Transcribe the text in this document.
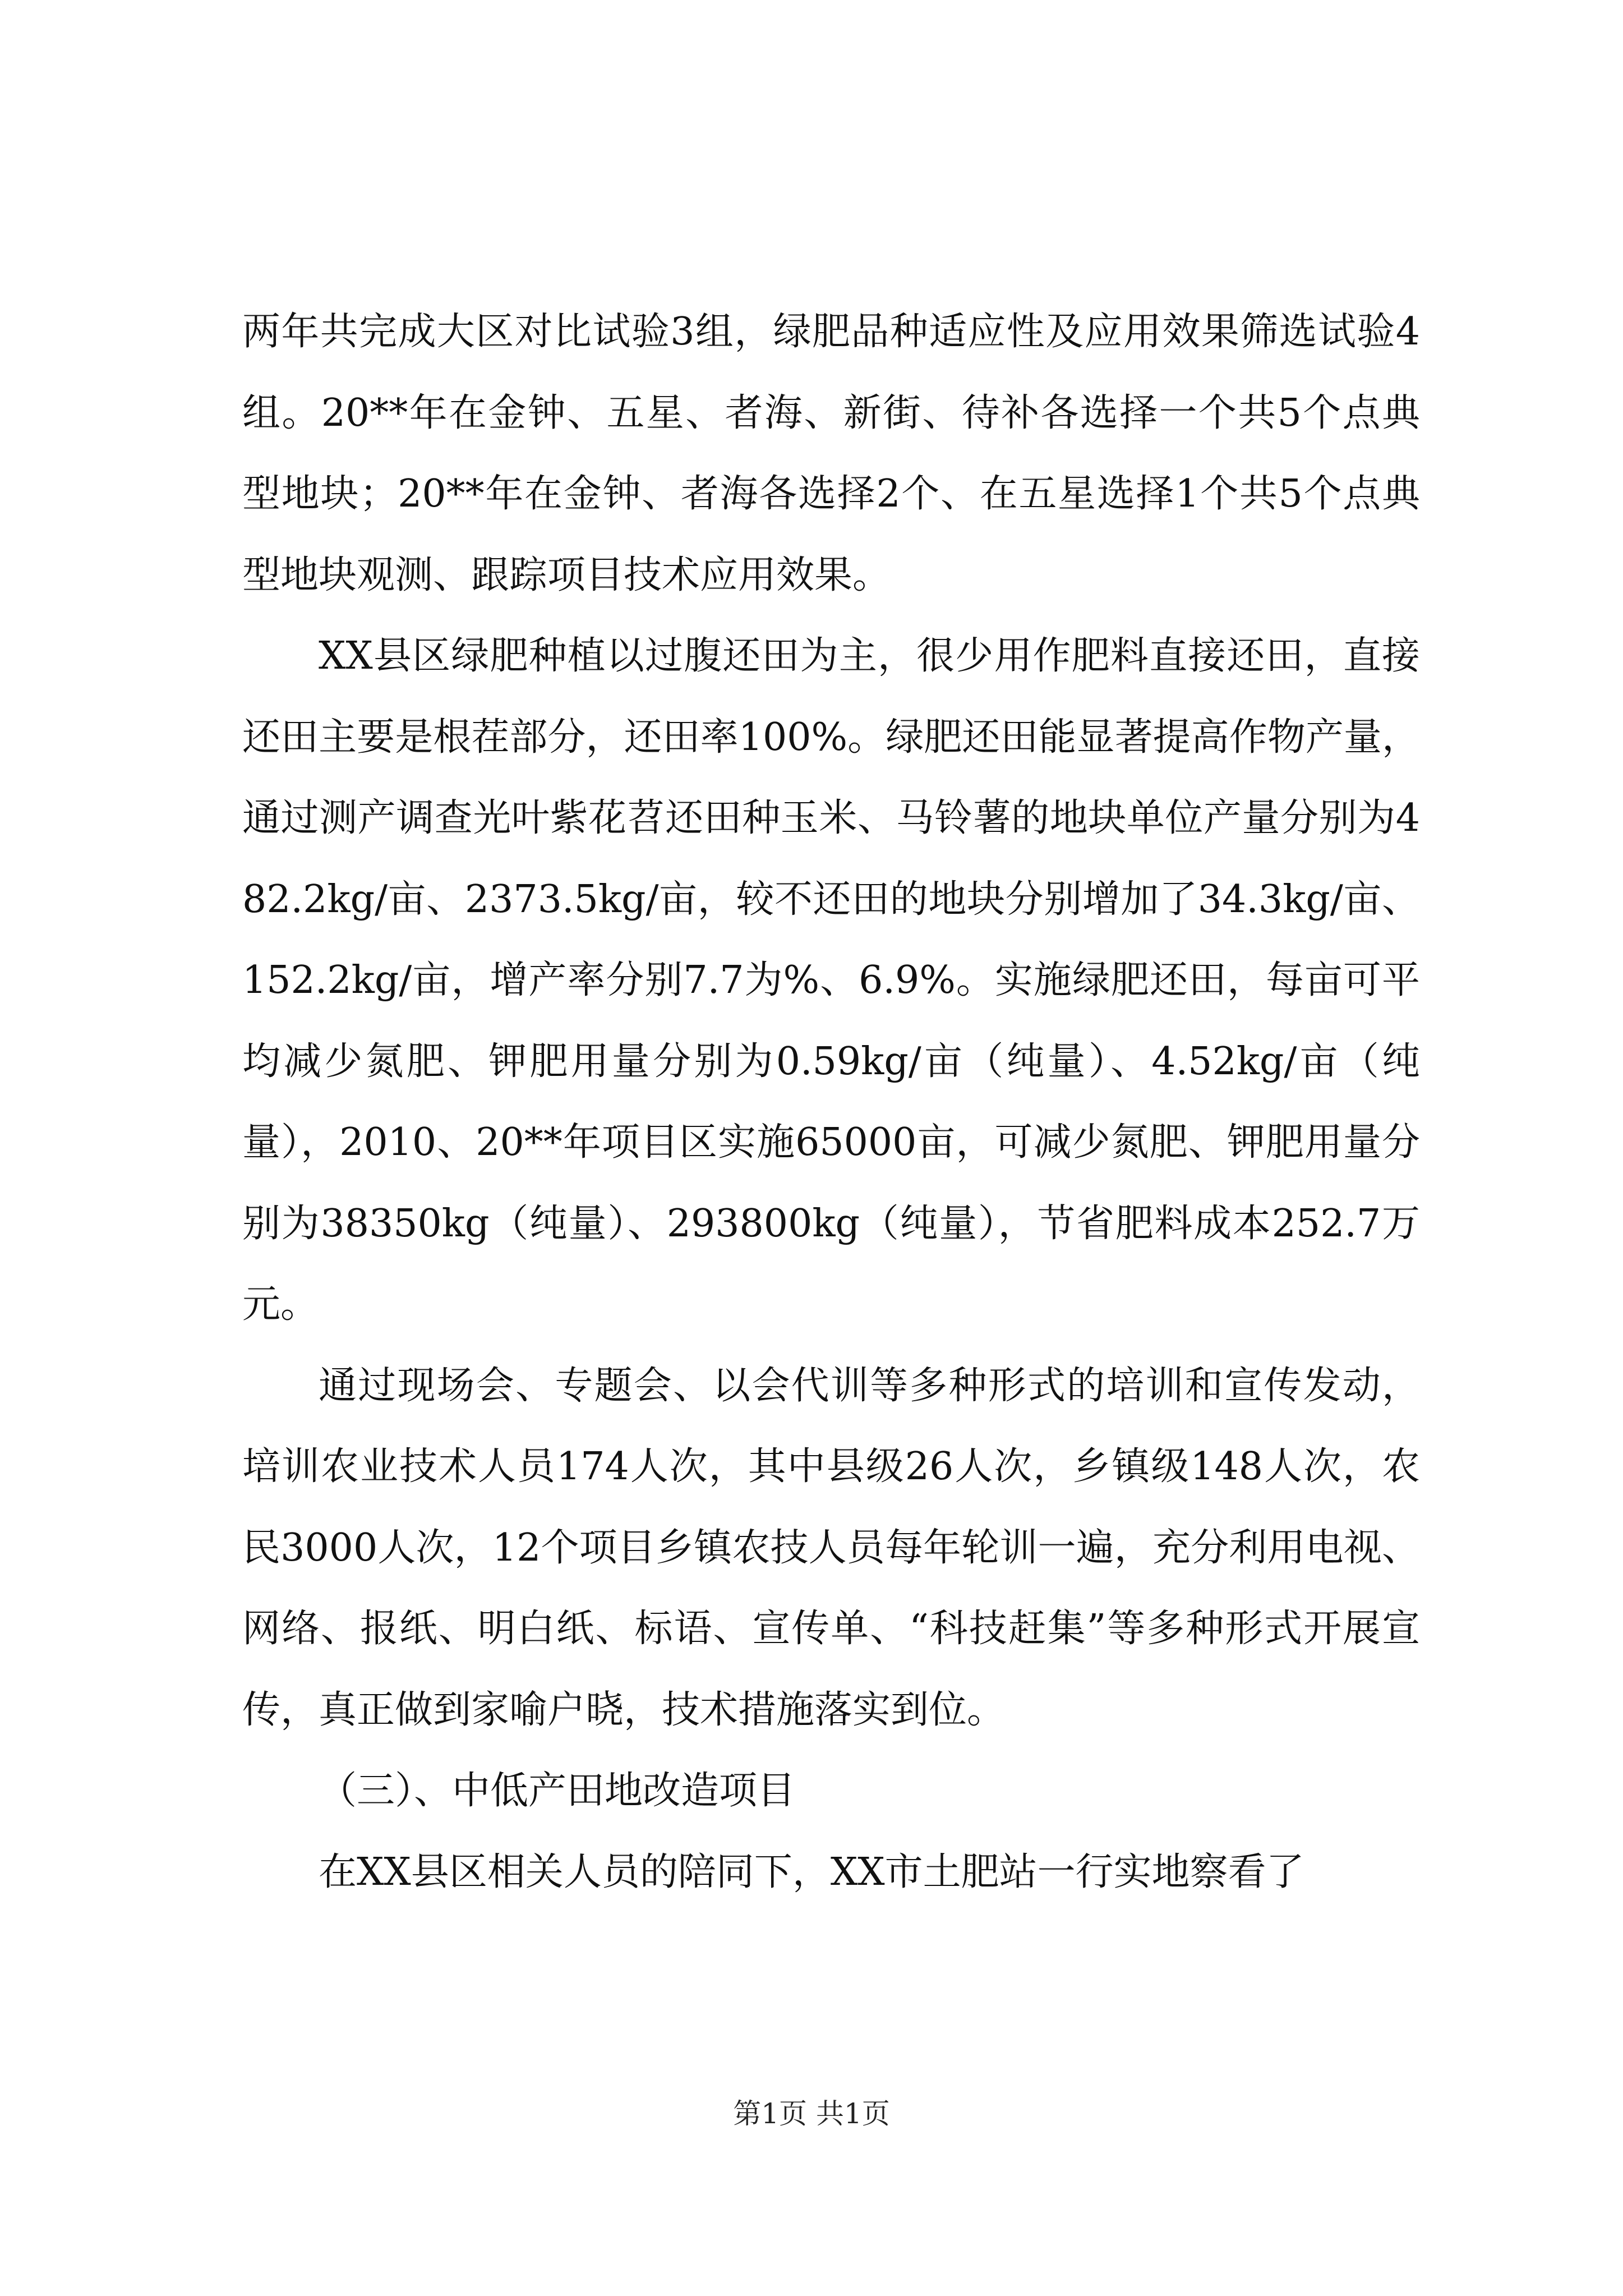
两年共完成大区对比试验3组，绿肥品种适应性及应用效果筛选试验4组。20**年在金钟、五星、者海、新街、待补各选择一个共5个点典型地块；20**年在金钟、者海各选择2个、在五星选择1个共5个点典型地块观测、跟踪项目技术应用效果。

XX县区绿肥种植以过腹还田为主，很少用作肥料直接还田，直接还田主要是根茬部分，还田率100%。绿肥还田能显著提高作物产量，通过测产调查光叶紫花苕还田种玉米、马铃薯的地块单位产量分别为482.2kg/亩、2373.5kg/亩，较不还田的地块分别增加了34.3kg/亩、152.2kg/亩，增产率分别7.7为%、6.9%。实施绿肥还田，每亩可平均减少氮肥、钾肥用量分别为0.59kg/亩（纯量）、4.52kg/亩（纯量），2010、20**年项目区实施65000亩，可减少氮肥、钾肥用量分别为38350kg（纯量）、293800kg（纯量），节省肥料成本252.7万元。

通过现场会、专题会、以会代训等多种形式的培训和宣传发动，培训农业技术人员174人次，其中县级26人次，乡镇级148人次，农民3000人次，12个项目乡镇农技人员每年轮训一遍，充分利用电视、网络、报纸、明白纸、标语、宣传单、“科技赶集”等多种形式开展宣传，真正做到家喻户晓，技术措施落实到位。

（三）、中低产田地改造项目

在XX县区相关人员的陪同下，XX市土肥站一行实地察看了

第1页 共1页
